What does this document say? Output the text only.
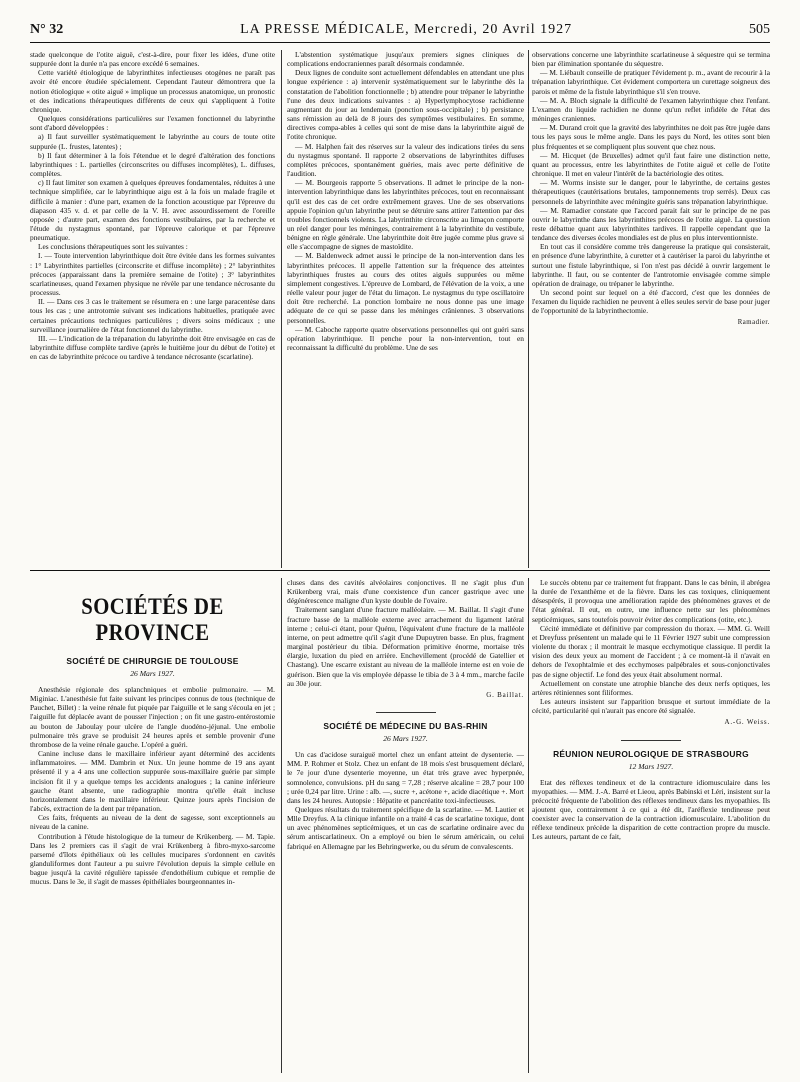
N° 32	LA PRESSE MÉDICALE, Mercredi, 20 Avril 1927	505

stade quelconque de l'otite aiguë, c'est-à-dire, pour fixer les idées, d'une otite suppurée dont la durée n'a pas encore excédé 6 semaines.

Cette variété étiologique de labyrinthites infectieuses otogènes ne paraît pas avoir été encore étudiée spécialement. Cependant l'auteur démontrera que la notion étiologique « otite aiguë » implique un processus anatomique, un pronostic et des indications thérapeutiques différents de ceux qui s'appliquent à l'otite chronique.

Quelques considérations particulières sur l'examen fonctionnel du labyrinthe sont d'abord développées :

a) Il faut surveiller systématiquement le labyrinthe au cours de toute otite suppurée (L. frustes, latentes) ;

b) Il faut déterminer à la fois l'étendue et le degré d'altération des fonctions labyrinthiques : L. partielles (circonscrites ou diffuses incomplètes), L. diffuses, complètes.

c) Il faut limiter son examen à quelques épreuves fondamentales, réduites à une technique simplifiée, car le labyrinthique aigu est à la fois un malade fragile et difficile à manier : d'une part, examen de la fonction acoustique par l'épreuve du diapason 435 v. d. et par celle de la V. H. avec assourdissement de l'oreille opposée ; d'autre part, examen des fonctions vestibulaires, par la recherche et l'étude du nystagmus spontané, par l'épreuve calorique et par l'épreuve pneumatique.

Les conclusions thérapeutiques sont les suivantes :

I. — Toute intervention labyrinthique doit être évitée dans les formes suivantes : 1° Labyrinthites partielles (circonscrite et diffuse incomplète) ; 2° labyrinthites précoces (apparaissant dans la première semaine de l'otite) ; 3° labyrinthites scarlatineuses, quand l'examen physique ne révèle par une tendance nécrosante du processus.

II. — Dans ces 3 cas le traitement se résumera en : une large paracentèse dans tous les cas ; une antrotomie suivant ses indications habituelles, pratiquée avec certaines précautions techniques particulières ; divers soins médicaux ; une surveillance journalière de l'état fonctionnel du labyrinthe.

III. — L'indication de la trépanation du labyrinthe doit être envisagée en cas de labyrinthite diffuse complète tardive (après le huitième jour du début de l'otite) et en cas de labyrinthite précoce ou tardive à tendance nécrosante (scarlatine).

L'abstention systématique jusqu'aux premiers signes cliniques de complications endocraniennes paraît désormais condamnée.

Deux lignes de conduite sont actuellement défendables en attendant une plus longue expérience : a) intervenir systématiquement sur le labyrinthe dès la constatation de l'abolition fonctionnelle ; b) attendre pour trépaner le labyrinthe l'une des deux indications suivantes : a) Hyperlymphocytose rachidienne augmentant du jour au lendemain (ponction sous-occipitale) ; b) persistance sans rémission au delà de 8 jours des symptômes vestibulaires. En somme, directives compa-ables à celles qui sont de mise dans la labyrinthite aiguë de l'otite chronique.

— M. Halphen fait des réserves sur la valeur des indications tirées du sens du nystagmus spontané. Il rapporte 2 observations de labyrinthites diffuses complètes précoces, spontanément guéries, mais avec perte définitive de l'audition.

— M. Bourgeois rapporte 5 observations. Il admet le principe de la non-intervention labyrinthique dans les labyrinthites précoces, tout en reconnaissant qu'il est des cas de cet ordre extrêmement graves. Une de ses observations appuie l'opinion qu'un labyrinthe peut se détruire sans attirer l'attention par des troubles fonctionnels violents. La labyrinthite circonscrite au limaçon comporte un réel danger pour les méninges, contrairement à la labyrinthite du vestibule, bénigne en règle générale. Une labyrinthite doit être jugée comme plus grave si elle s'accompagne de signes de mastoïdite.

— M. Baldenweck admet aussi le principe de la non-intervention dans les labyrinthites précoces. Il appelle l'attention sur la fréquence des atteintes labyrinthiques frustes au cours des otites aiguës suppurées ou même simplement congestives. L'épreuve de Lombard, de l'élévation de la voix, a une réelle valeur pour juger de l'état du limaçon. Le nystagmus du type oscillatoire doit être recherché. La ponction lombaire ne nous donne pas une image adéquate de ce qui se passe dans les méninges crâniennes. 3 observations personnelles.

— M. Caboche rapporte quatre observations personnelles qui ont guéri sans opération labyrinthique. Il penche pour la non-intervention, tout en reconnaissant la difficulté du problème. Une de ses

observations concerne une labyrinthite scarlatineuse à séquestre qui se termina bien par élimination spontanée du séquestre.

— M. Liébault conseille de pratiquer l'évidement p. m., avant de recourir à la trépanation labyrinthique. Cet évidement comportera un curettage soigneux des parois et même de la fistule labyrinthique s'il s'en trouve.

— M. A. Bloch signale la difficulté de l'examen labyrinthique chez l'enfant. L'examen du liquide rachidien ne donne qu'un reflet infidèle de l'état des méninges craniennes.

— M. Durand croit que la gravité des labyrinthites ne doit pas être jugée dans tous les pays sous le même angle. Dans les pays du Nord, les otites sont bien plus fréquentes et se compliquent plus souvent que chez nous.

— M. Hicquet (de Bruxelles) admet qu'il faut faire une distinction nette, quant au processus, entre les labyrinthites de l'otite aiguë et celle de l'otite chronique. Il met en valeur l'intérêt de la bactériologie des otites.

— M. Worms insiste sur le danger, pour le labyrinthe, de certains gestes thérapeutiques (cautérisations brutales, tamponnements trop serrés). Deux cas personnels de labyrinthite avec méningite guéris sans trépanation labyrinthique.

— M. Ramadier constate que l'accord parait fait sur le principe de ne pas ouvrir le labyrinthe dans les labyrinthites précoces de l'otite aiguë. La question reste débattue quant aux labyrinthites tardives. Il rappelle cependant que la tendance des diverses écoles mondiales est de plus en plus interventionniste.

En tout cas il considère comme très dangereuse la pratique qui consisterait, en présence d'une labyrinthite, à curetter et à cautériser la paroi du labyrinthe et surtout une fistule labyrinthique, si l'on n'est pas décidé à ouvrir largement le labyrinthe. Il faut, ou se contenter de l'antrotomie envisagée comme simple opération de drainage, ou trépaner le labyrinthe.

Un second point sur lequel on a été d'accord, c'est que les données de l'examen du liquide rachidien ne peuvent à elles seules servir de base pour juger de l'opportunité de la labyrinthectomie.

Ramadier.
SOCIÉTÉS DE PROVINCE
SOCIÉTÉ DE CHIRURGIE DE TOULOUSE
26 Mars 1927.

Anesthésie régionale des splanchniques et embolie pulmonaire. — M. Miginiac. L'anesthésie fut faite suivant les principes connus de tous (technique de Pauchet, Billet) : la veine rénale fut piquée par l'aiguille et le sang s'écoula en jet ; l'aiguille fut déplacée avant de pousser l'injection ; on fit une gastro-entérostomie au bouton de Jaboulay pour ulcère de l'angle duodéno-jéjunal. Une embolie pulmonaire très grave se produisit 24 heures après et semble provenir d'une thrombose de la veine rénale gauche. L'opéré a guéri.

Canine incluse dans le maxillaire inférieur ayant déterminé des accidents inflammatoires. — MM. Dambrin et Nux. Un jeune homme de 19 ans ayant présenté il y a 4 ans une collection suppurée sous-maxillaire guérie par simple incision fit il y a quelque temps les accidents analogues ; la canine inférieure gauche étant absente, une radiographie montra qu'elle était incluse horizontalement dans le maxillaire inférieur. Quinze jours après l'incision de l'abcès, extraction de la dent par trépanation.

Ces faits, fréquents au niveau de la dent de sagesse, sont exceptionnels au niveau de la canine.

Contribution à l'étude histologique de la tumeur de Krükenberg. — M. Tapie. Dans les 2 premiers cas il s'agit de vrai Krükenberg à fibro-myxo-sarcome parsemé d'îlots épithéliaux où les cellules mucipares s'ordonnent en cavités glanduliformes dont l'auteur a pu suivre l'évolution depuis la simple cellule en bague jusqu'à la cavité régulière tapissée d'endothélium cubique et remplie de mucus. Dans le 3e, il s'agit de masses épithéliales bourgeonnantes in-

cluses dans des cavités alvéolaires conjonctives. Il ne s'agit plus d'un Krükenberg vrai, mais d'une coexistence d'un cancer gastrique avec une dégénérescence maligne d'un kyste double de l'ovaire.

Traitement sanglant d'une fracture malléolaire. — M. Baillat. Il s'agit d'une fracture basse de la malléole externe avec arrachement du ligament latéral interne ; celui-ci étant, pour Quénu, l'équivalent d'une fracture de la malléole interne, on peut admettre qu'il s'agit d'une Dupuytren basse. En plus, fragment marginal postérieur du tibia. Déformation primitive énorme, mortaise très élargie, luxation du pied en arrière. Enchevillement (procédé de Gatellier et Chastang). Une escarre existant au niveau de la malléole interne est en voie de guérison. Bien que la vis employée dépasse le tibia de 3 à 4 mm., marche facile au 30e jour.

G. Baillat.
SOCIÉTÉ DE MÉDECINE DU BAS-RHIN
26 Mars 1927.

Un cas d'acidose suraiguë mortel chez un enfant atteint de dysenterie. — MM. P. Rohmer et Stolz. Chez un enfant de 18 mois s'est brusquement déclaré, le 7e jour d'une dysenterie moyenne, un état très grave avec hyperpnée, somnolence, convulsions. pH du sang = 7,28 ; réserve alcaline = 28,7 pour 100 ; urée 0,24 par litre. Urine : alb. —, sucre +, acétone +, acide diacétique +. Mort dans les 24 heures. Autopsie : Hépatite et pancréatite toxi-infectieuses.

Quelques résultats du traitement spécifique de la scarlatine. — M. Lautier et Mlle Dreyfus. A la clinique infantile on a traité 4 cas de scarlatine toxique, dont un avec phénomènes septicémiques, et un cas de scarlatine ordinaire avec du sérum antiscarlatineux. On a employé ou bien le sérum américain, ou celui fabriqué en Allemagne par les Behringwerke, ou du sérum de convalescents.

Le succès obtenu par ce traitement fut frappant. Dans le cas bénin, il abrégea la durée de l'exanthème et de la fièvre. Dans les cas toxiques, cliniquement désespérés, il provoqua une amélioration rapide des phénomènes graves et de l'état général. Il eut, en outre, une influence nette sur les phénomènes septicémiques, sans toutefois pouvoir éviter des complications (otite, etc.).

Cécité immédiate et définitive par compression du thorax. — MM. G. Weill et Dreyfuss présentent un malade qui le 11 Février 1927 subit une compression violente du thorax ; il montrait le masque ecchymotique classique. Il perdit la vision des deux yeux au moment de l'accident ; à ce moment-là il n'avait en dehors de l'exophtalmie et des ecchymoses palpébrales et sous-conjonctivales pas de signe objectif. Le fond des yeux était absolument normal.

Actuellement on constate une atrophie blanche des deux nerfs optiques, les artères rétiniennes sont filiformes.

Les auteurs insistent sur l'apparition brusque et surtout immédiate de la cécité, particularité qui n'aurait pas encore été signalée.

A.-G. Weiss.
RÉUNION NEUROLOGIQUE DE STRASBOURG
12 Mars 1927.

Etat des réflexes tendineux et de la contracture idiomusculaire dans les myopathies. — MM. J.-A. Barré et Lieou, après Babinski et Léri, insistent sur la précocité fréquente de l'abolition des réflexes tendineux dans les myopathies. Ils ajoutent que, contrairement à ce qui a été dit, l'aréflexie tendineuse peut coexister avec la conservation de la contraction idiomusculaire. L'abolition du réflexe tendineux précède la disparition de cette contraction propre du muscle. Les auteurs, partant de ce fait,
